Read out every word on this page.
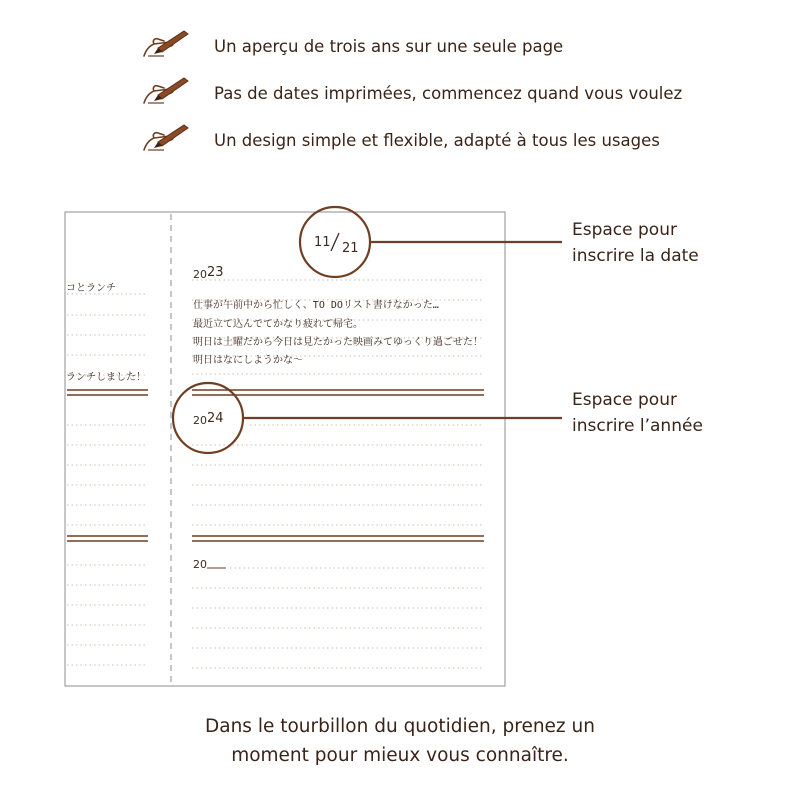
Un aperçu de trois ans sur une seule page
Pas de dates imprimées, commencez quand vous voulez
Un design simple et flexible, adapté à tous les usages
コとランチ
ランチしました！
20 23
20 24
20
仕事が午前中から忙しく、TO DOリスト書けなかった…
最近立て込んでてかなり疲れて帰宅。
明日は土曜だから今日は見たかった映画みてゆっくり過ごせた！
明日はなにしようかな〜
11 21
Espace pour
inscrire la date
Espace pour
inscrire l’année
Dans le tourbillon du quotidien, prenez un
moment pour mieux vous connaître.
